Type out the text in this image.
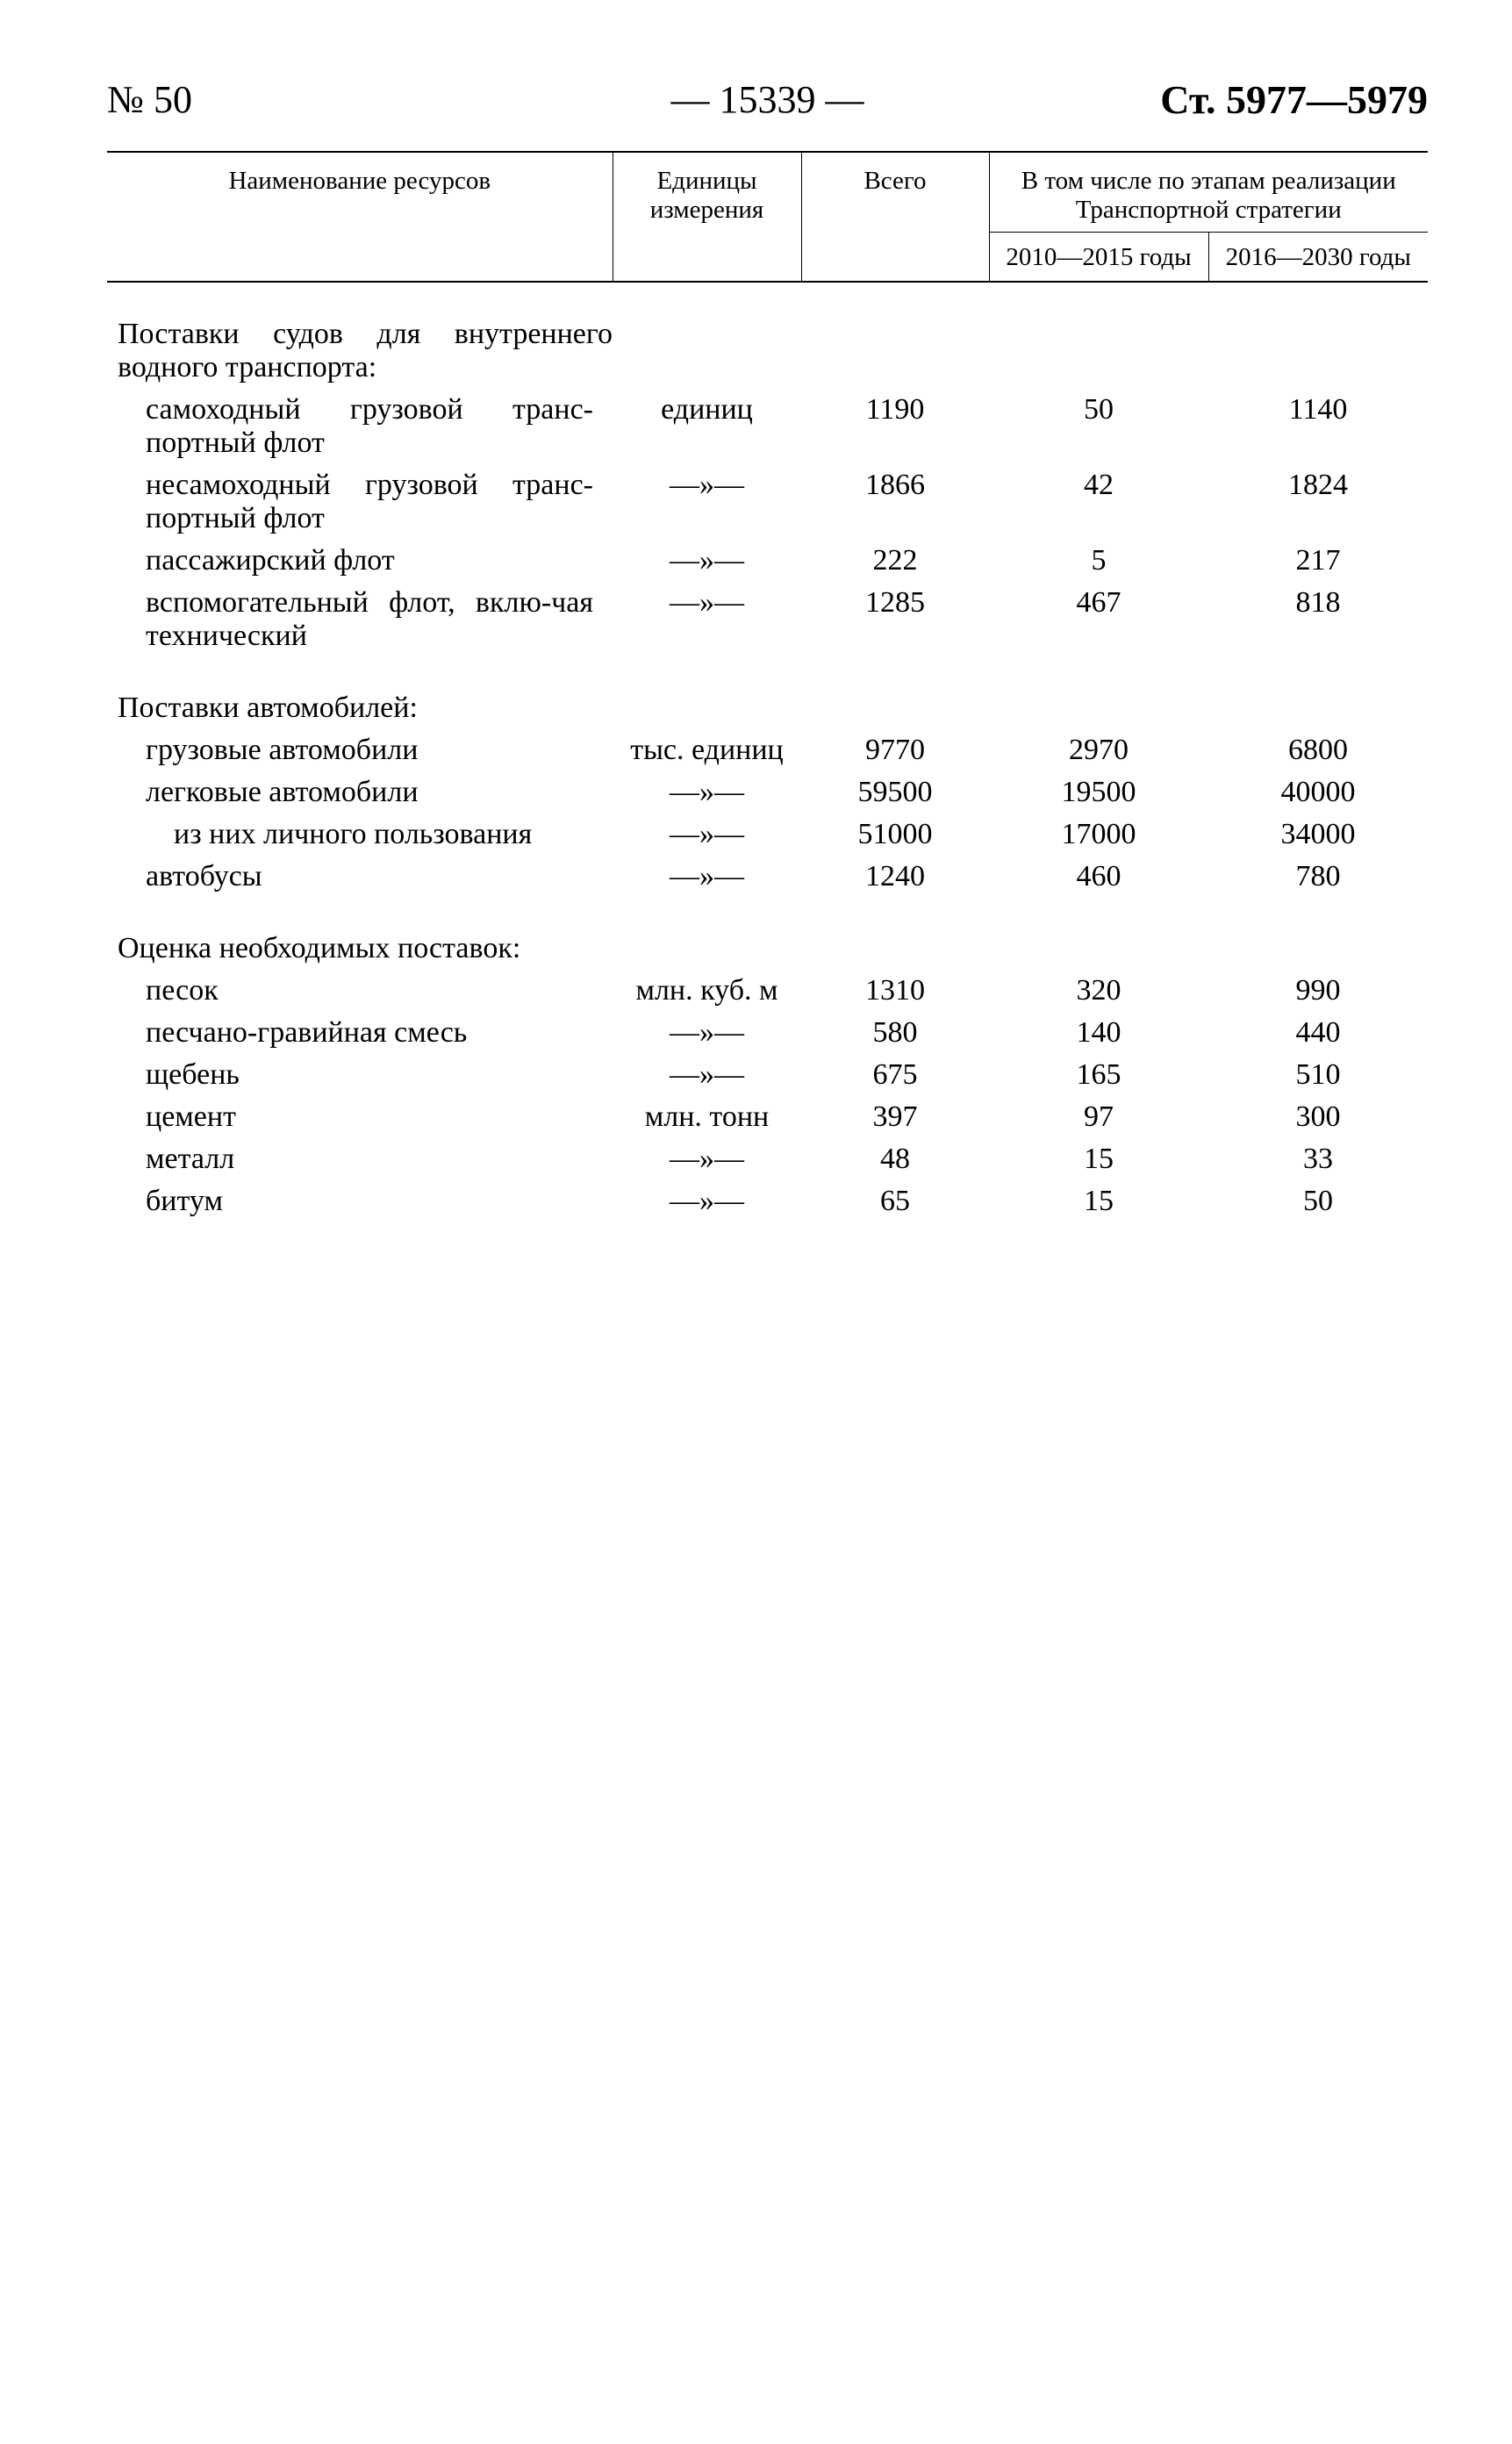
— 15339 —
№ 50	Ст. 5977—5979
Наименование ресурсов	Единицы измерения	Всего	В том числе по этапам реализации Транспортной стратегии	
			2010—2015 годы	2016—2030 годы

Поставки судов для внутреннего водного транспорта:				
самоходный грузовой транс-портный флот	единиц	1190	50	1140
несамоходный грузовой транс-портный флот	—»—	1866	42	1824
пассажирский флот	—»—	222	5	217
вспомогательный флот, вклю-чая технический	—»—	1285	467	818

Поставки автомобилей:				
грузовые автомобили	тыс. единиц	9770	2970	6800
легковые автомобили	—»—	59500	19500	40000
из них личного пользования	—»—	51000	17000	34000
автобусы	—»—	1240	460	780

Оценка необходимых поставок:				
песок	млн. куб. м	1310	320	990
песчано-гравийная смесь	—»—	580	140	440
щебень	—»—	675	165	510
цемент	млн. тонн	397	97	300
металл	—»—	48	15	33
битум	—»—	65	15	50
